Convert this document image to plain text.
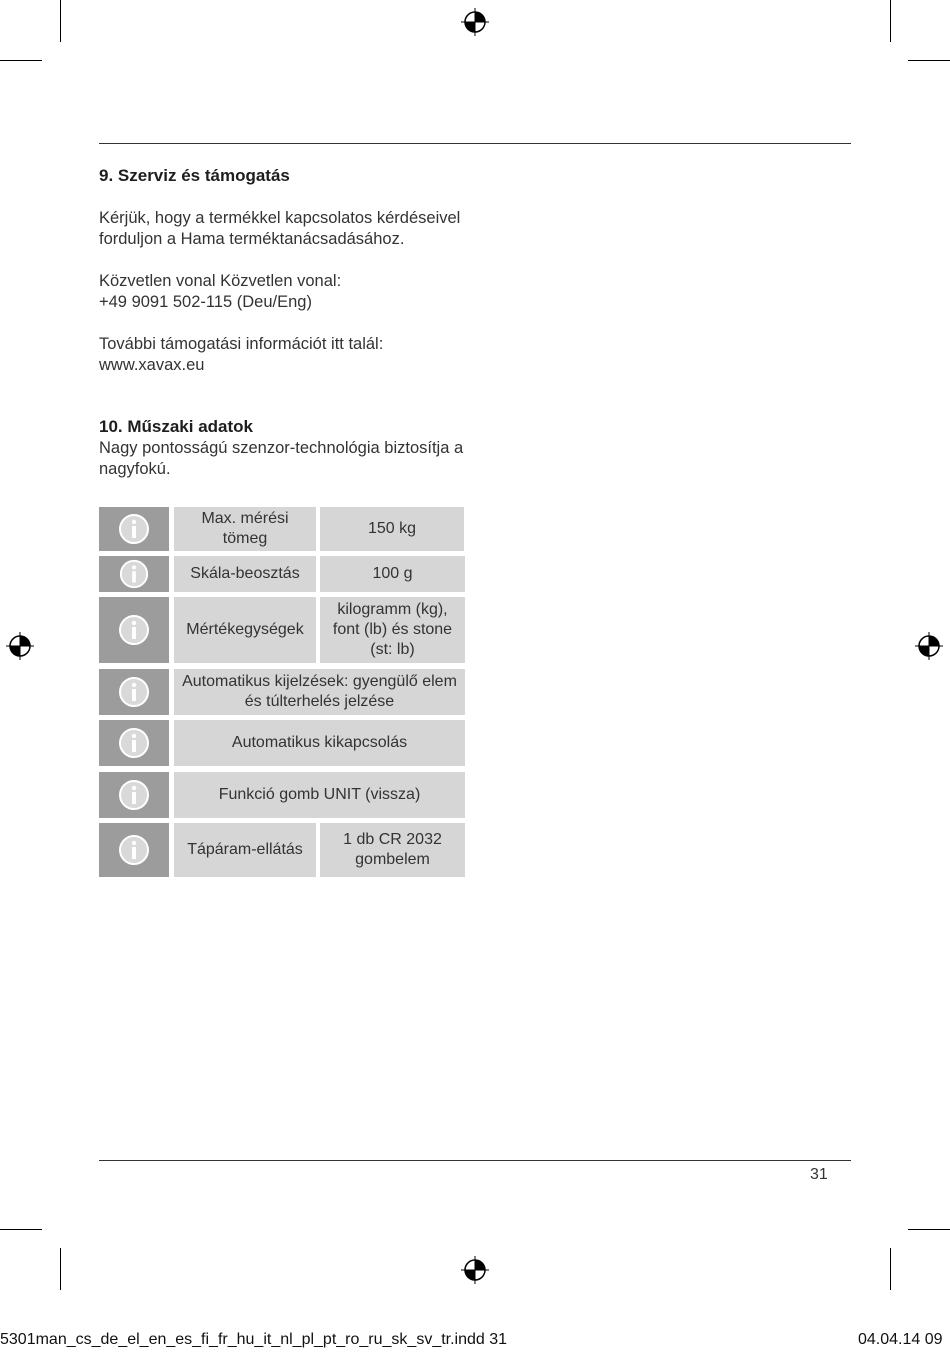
9. Szerviz és támogatás
Kérjük, hogy a termékkel kapcsolatos kérdéseivel
forduljon a Hama terméktanácsadásához.
Közvetlen vonal Közvetlen vonal:
+49 9091 502-115 (Deu/Eng)
További támogatási információt itt talál:
www.xavax.eu
10. Műszaki adatok
Nagy pontosságú szenzor-technológia biztosítja a
nagyfokú.
Max. mérési tömeg
150 kg
Skála-beosztás	100 g
Mértékegységek
kilogramm (kg),
font (lb) és stone
(st: lb)
Automatikus kijelzések: gyengülő elem
és túlterhelés jelzése
Automatikus kikapcsolás
Funkció gomb UNIT (vissza)
Tápáram-ellátás
1 db CR 2032
gombelem
31
5301man_cs_de_el_en_es_fi_fr_hu_it_nl_pl_pt_ro_ru_sk_sv_tr.indd 31	04.04.14 09
